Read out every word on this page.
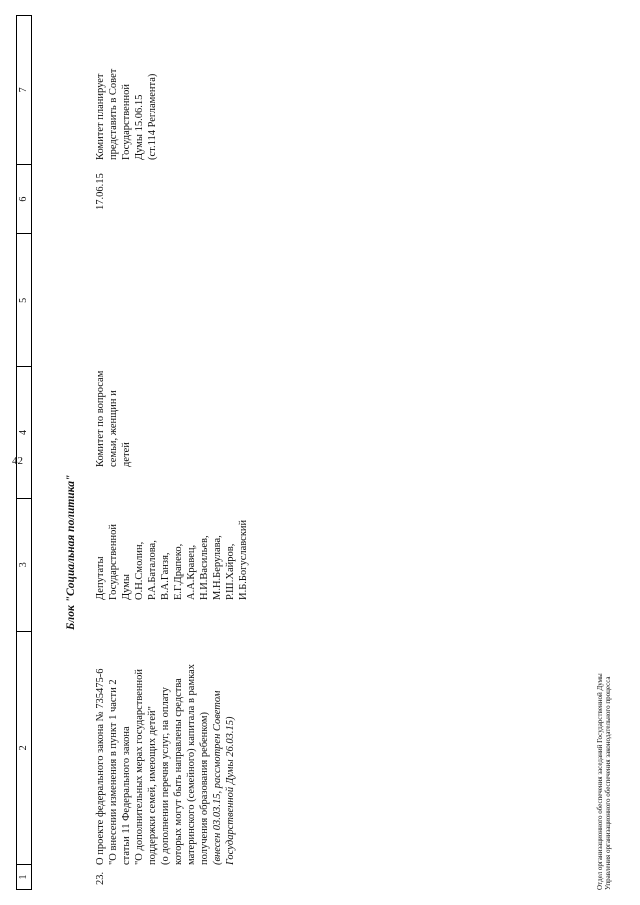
42
1
2
3
4
5
6
7
Блок "Социальная политика"
23.
О проекте федерального закона № 735475-6 "О внесении изменения в пункт 1 части 2 статьи 11 Федерального закона "О дополнительных мерах государственной поддержки семей, имеющих детей" (о дополнении перечня услуг, на оплату которых могут быть направлены средства материнского (семейного) капитала в рамках получения образования ребенком) (внесен 03.03.15, рассмотрен Советом Государственной Думы 26.03.15)
Депутаты Государственной Думы О.Н.Смолин, Р.А.Баталова, В.А.Ганзя, Е.Г.Драпеко, А.А.Кравец, Н.И.Васильев, М.Н.Берулава, Р.Ш.Хайров, И.Б.Богуславский
Комитет по вопросам семьи, женщин и детей
17.06.15
Комитет планирует представить в Совет Государственной Думы 15.06.15 (ст.114 Регламента)
Отдел организационного обеспечения заседаний Государственной Думы Управления организационного обеспечения законодательного процесса
